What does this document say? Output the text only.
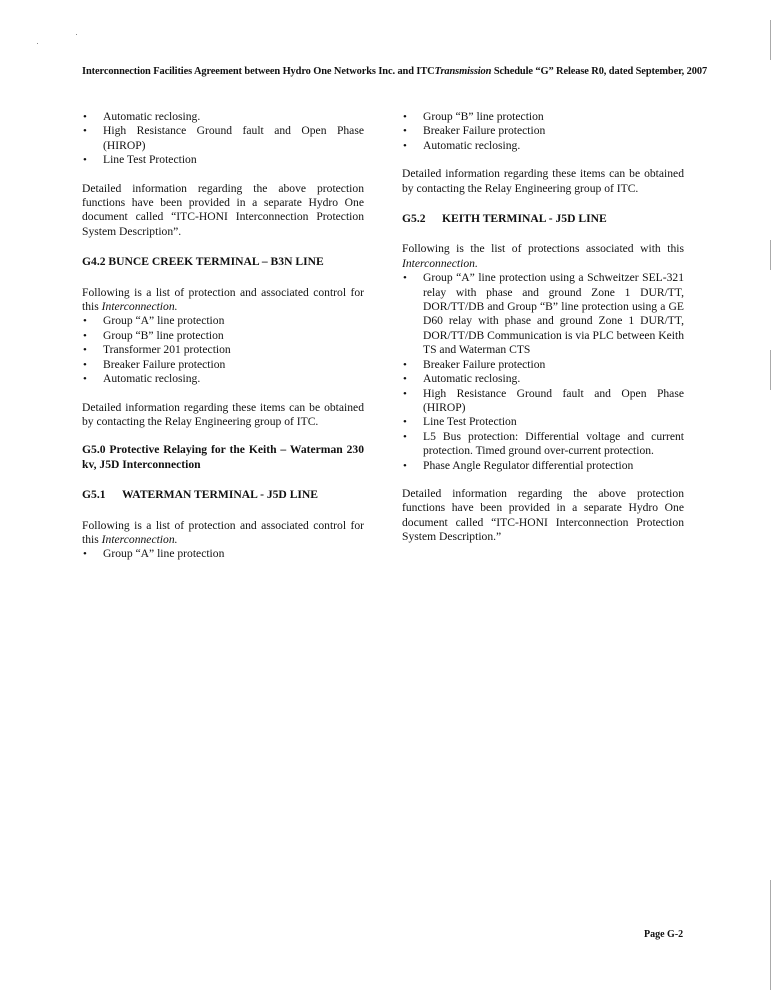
Interconnection Facilities Agreement between Hydro One Networks Inc. and ITCTransmission Schedule “G” Release R0, dated September, 2007
• Automatic reclosing.
• High Resistance Ground fault and Open Phase (HIROP)
• Line Test Protection

Detailed information regarding the above protection functions have been provided in a separate Hydro One document called “ITC-HONI Interconnection Protection System Description”.

G4.2 BUNCE CREEK TERMINAL – B3N LINE

Following is a list of protection and associated control for this Interconnection.

• Group “A” line protection
• Group “B” line protection
• Transformer 201 protection
• Breaker Failure protection
• Automatic reclosing.

Detailed information regarding these items can be obtained by contacting the Relay Engineering group of ITC.

G5.0 Protective Relaying for the Keith – Waterman 230 kv, J5D Interconnection

G5.1 WATERMAN TERMINAL - J5D LINE

Following is a list of protection and associated control for this Interconnection.

• Group “A” line protection
• Group “B” line protection
• Breaker Failure protection
• Automatic reclosing.

Detailed information regarding these items can be obtained by contacting the Relay Engineering group of ITC.

G5.2 KEITH TERMINAL - J5D LINE

Following is the list of protections associated with this Interconnection.

• Group “A” line protection using a Schweitzer SEL-321 relay with phase and ground Zone 1 DUR/TT, DOR/TT/DB and Group “B” line protection using a GE D60 relay with phase and ground Zone 1 DUR/TT, DOR/TT/DB Communication is via PLC between Keith TS and Waterman CTS
• Breaker Failure protection
• Automatic reclosing.
• High Resistance Ground fault and Open Phase (HIROP)
• Line Test Protection
• L5 Bus protection: Differential voltage and current protection. Timed ground over-current protection.
• Phase Angle Regulator differential protection

Detailed information regarding the above protection functions have been provided in a separate Hydro One document called “ITC-HONI Interconnection Protection System Description.”

Page G-2
